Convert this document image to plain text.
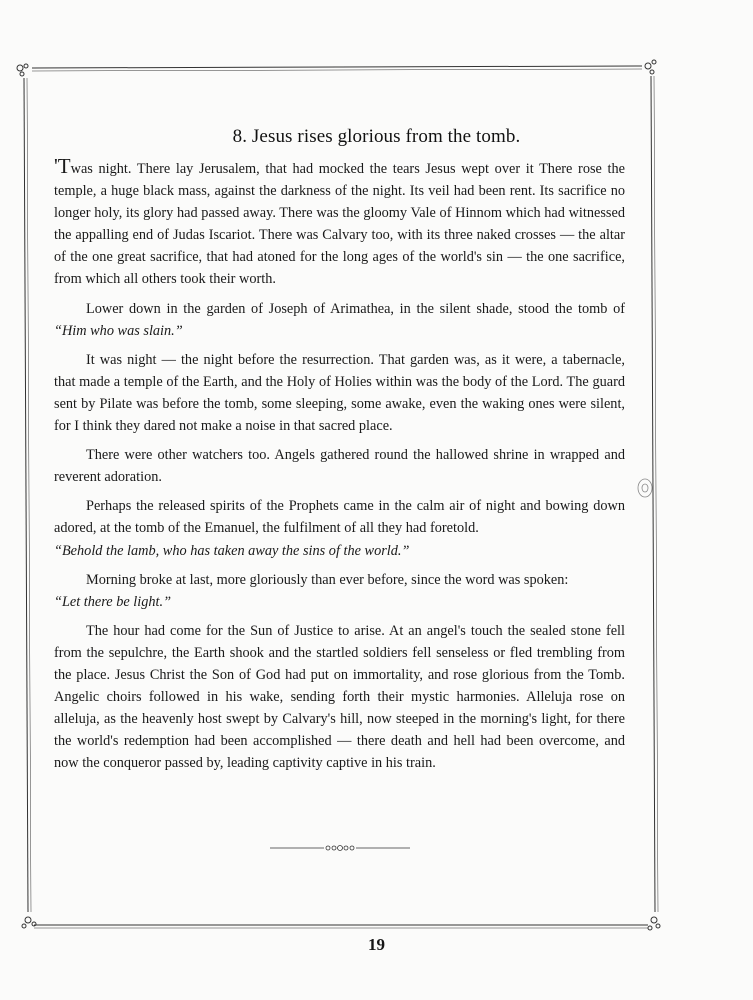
8. Jesus rises glorious from the tomb.

'Twas night. There lay Jerusalem, that had mocked the tears Jesus wept over it There rose the temple, a huge black mass, against the darkness of the night. Its veil had been rent. Its sacrifice no longer holy, its glory had passed away. There was the gloomy Vale of Hinnom which had witnessed the appalling end of Judas Iscariot. There was Calvary too, with its three naked crosses — the altar of the one great sacrifice, that had atoned for the long ages of the world's sin — the one sacrifice, from which all others took their worth.

Lower down in the garden of Joseph of Arimathea, in the silent shade, stood the tomb of “Him who was slain.”

It was night — the night before the resurrection. That garden was, as it were, a tabernacle, that made a temple of the Earth, and the Holy of Holies within was the body of the Lord. The guard sent by Pilate was before the tomb, some sleeping, some awake, even the waking ones were silent, for I think they dared not make a noise in that sacred place.

There were other watchers too. Angels gathered round the hallowed shrine in wrapped and reverent adoration.

Perhaps the released spirits of the Prophets came in the calm air of night and bowing down adored, at the tomb of the Emanuel, the fulfilment of all they had foretold.

“Behold the lamb, who has taken away the sins of the world.”

Morning broke at last, more gloriously than ever before, since the word was spoken:

“Let there be light.”

The hour had come for the Sun of Justice to arise. At an angel's touch the sealed stone fell from the sepulchre, the Earth shook and the startled soldiers fell senseless or fled trembling from the place. Jesus Christ the Son of God had put on immortality, and rose glorious from the Tomb. Angelic choirs followed in his wake, sending forth their mystic harmonies. Alleluja rose on alleluja, as the heavenly host swept by Calvary's hill, now steeped in the morning's light, for there the world's redemption had been accomplished — there death and hell had been overcome, and now the conqueror passed by, leading captivity captive in his train.

19
